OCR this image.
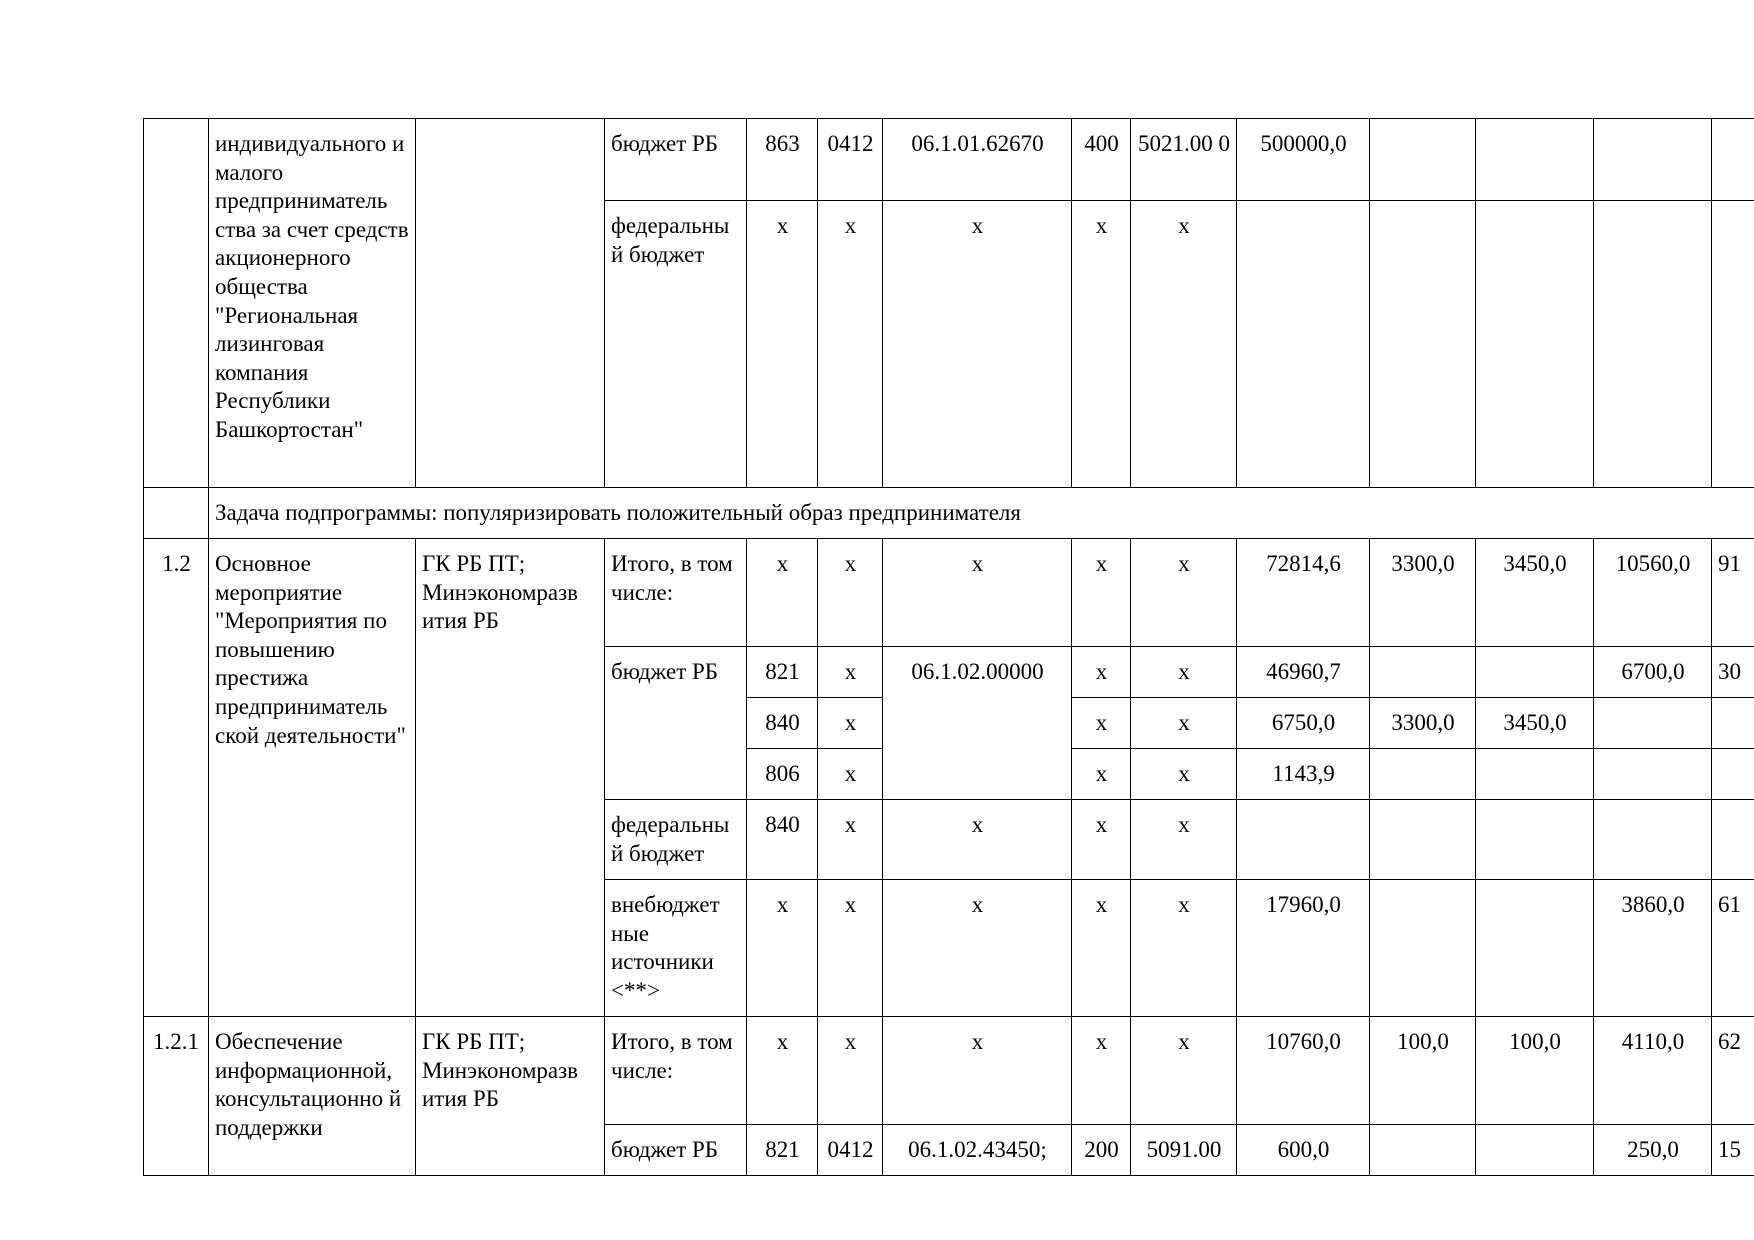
	индивидуального и малого предприниматель ства за счет средств акционерного общества "Региональная лизинговая компания Республики Башкортостан"		бюджет РБ	863	0412	06.1.01.62670	400	5021.00 0	500000,0				
			федеральны й бюджет	x	x	x	x	x					
	Задача подпрограммы: популяризировать положительный образ предпринимателя												
1.2	Основное мероприятие "Мероприятия по повышению престижа предприниматель ской деятельности"	ГК РБ ПТ; Минэкономразв ития РБ	Итого, в том числе:	x	x	x	x	x	72814,6	3300,0	3450,0	10560,0	91
			бюджет РБ	821	x	06.1.02.00000	x	x	46960,7			6700,0	30
				840	x		x	x	6750,0	3300,0	3450,0		
				806	x		x	x	1143,9				
			федеральны й бюджет	840	x	x	x	x					
			внебюджет ные источники <**>	x	x	x	x	x	17960,0			3860,0	61
1.2.1	Обеспечение информационной, консультационно й поддержки	ГК РБ ПТ; Минэкономразв ития РБ	Итого, в том числе:	x	x	x	x	x	10760,0	100,0	100,0	4110,0	62
			бюджет РБ	821	0412	06.1.02.43450;	200	5091.00	600,0			250,0	15
